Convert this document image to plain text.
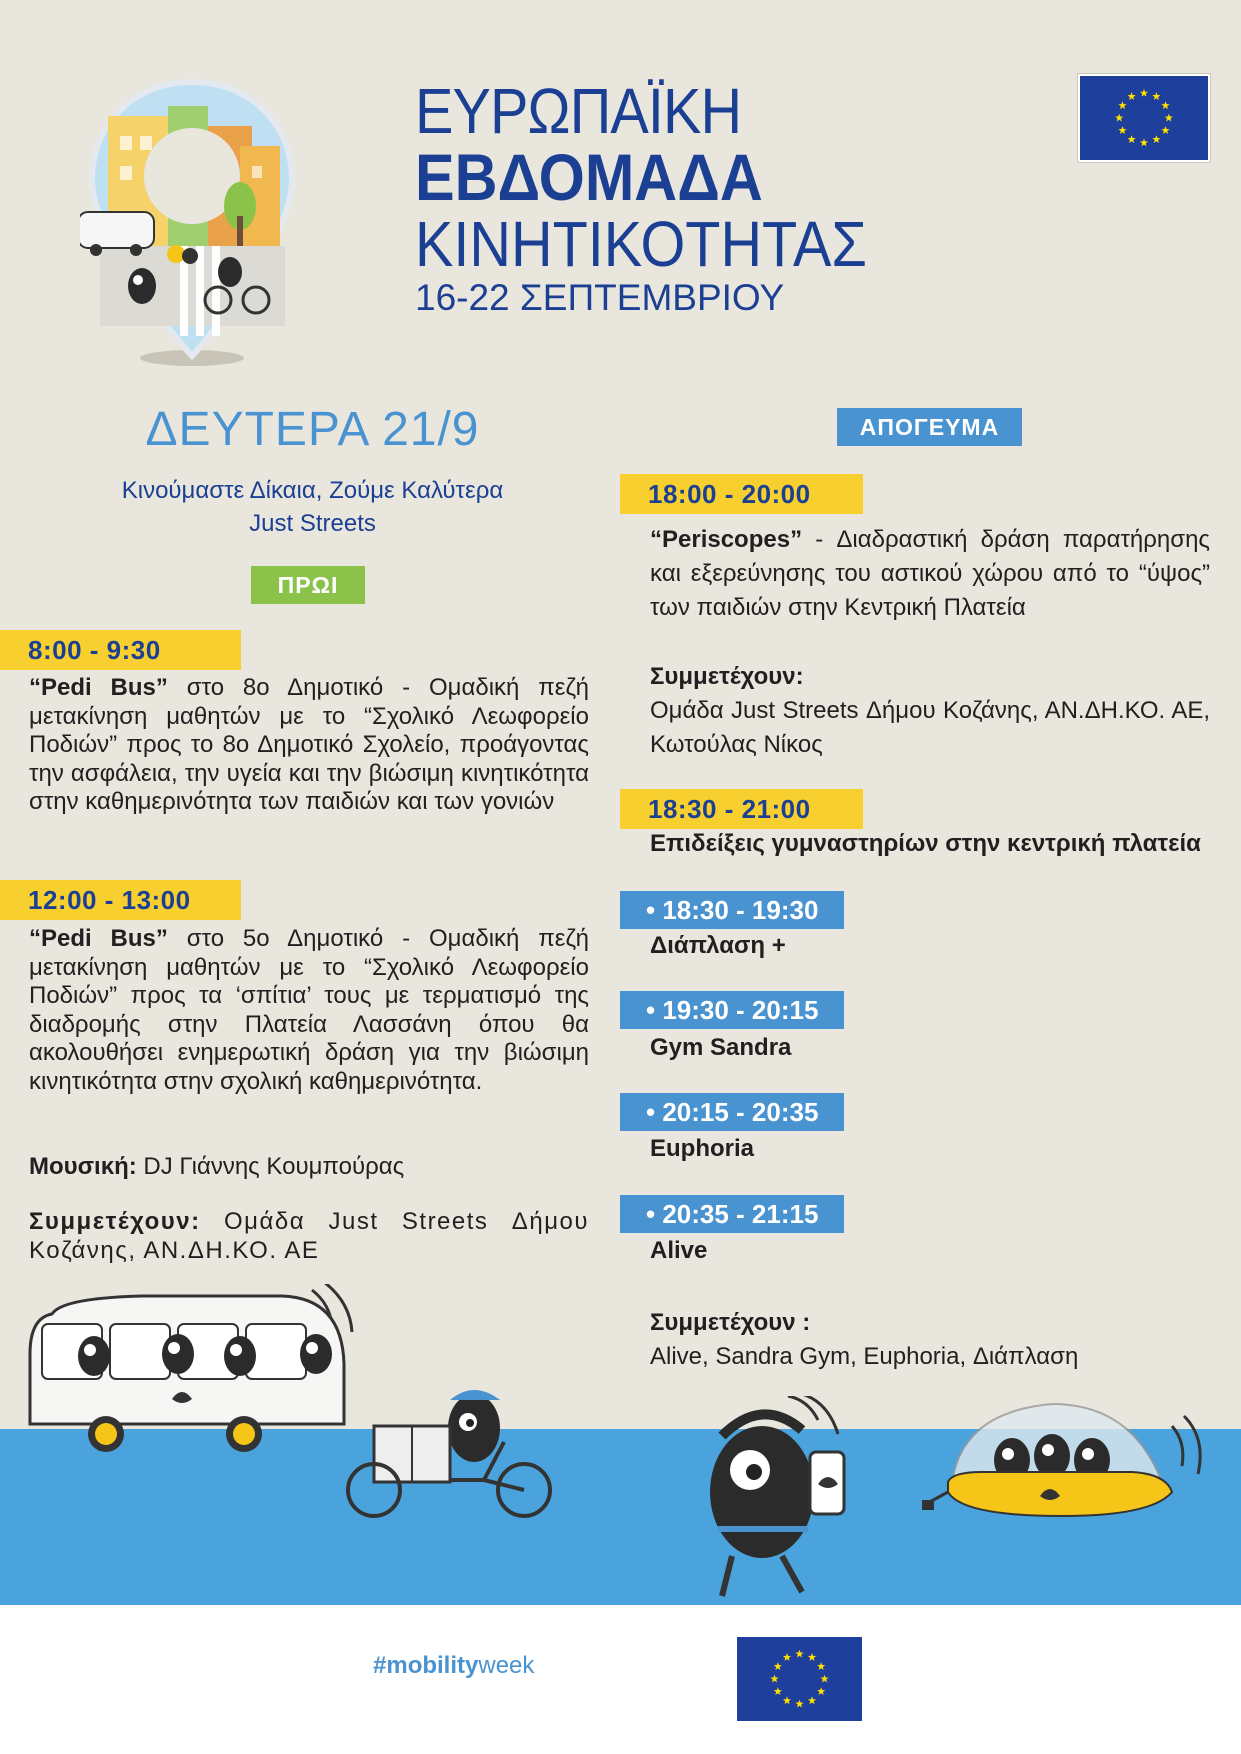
ΕΥΡΩΠΑΪΚΗ
ΕΒΔΟΜΑΔΑ
ΚΙΝΗΤΙΚΟΤΗΤΑΣ
16-22 ΣΕΠΤΕΜΒΡΙΟΥ
ΔΕΥΤΕΡΑ 21/9
Κινούμαστε Δίκαια, Ζούμε Καλύτερα
Just Streets
ΠΡΩΙ
8:00 - 9:30
“Pedi Bus” στο 8ο Δημοτικό - Ομαδική πεζή μετακίνηση μαθητών με το “Σχολικό Λεωφορείο Ποδιών” προς το 8ο Δημοτικό Σχολείο, προάγοντας την ασφάλεια, την υγεία και την βιώσιμη κινητικότητα στην καθημερινότητα των παιδιών και των γονιών
12:00 - 13:00
“Pedi Bus” στο 5ο Δημοτικό - Ομαδική πεζή μετακίνηση μαθητών με το “Σχολικό Λεωφορείο Ποδιών” προς τα ‘σπίτια’ τους με τερματισμό της διαδρομής στην Πλατεία Λασσάνη όπου θα ακολουθήσει ενημερωτική δράση για την βιώσιμη κινητικότητα στην σχολική καθημερινότητα.
Μουσική: DJ Γιάννης Κουμπούρας
Συμμετέχουν: Ομάδα Just Streets Δήμου Κοζάνης, ΑΝ.ΔΗ.ΚΟ. ΑΕ
ΑΠΟΓΕΥΜΑ
18:00 - 20:00
“Periscopes” - Διαδραστική δράση παρατήρησης και εξερεύνησης του αστικού χώρου από το “ύψος” των παιδιών στην Κεντρική Πλατεία
Συμμετέχουν:
Ομάδα Just Streets Δήμου Κοζάνης, ΑΝ.ΔΗ.ΚΟ. ΑΕ, Κωτούλας Νίκος
18:30 - 21:00
Επιδείξεις γυμναστηρίων στην κεντρική πλατεία
• 18:30 - 19:30
Διάπλαση +
• 19:30 - 20:15
Gym Sandra
• 20:15 - 20:35
Euphoria
• 20:35 - 21:15
Alive
Συμμετέχουν :
Alive, Sandra Gym, Euphoria, Διάπλαση
#mobilityweek
